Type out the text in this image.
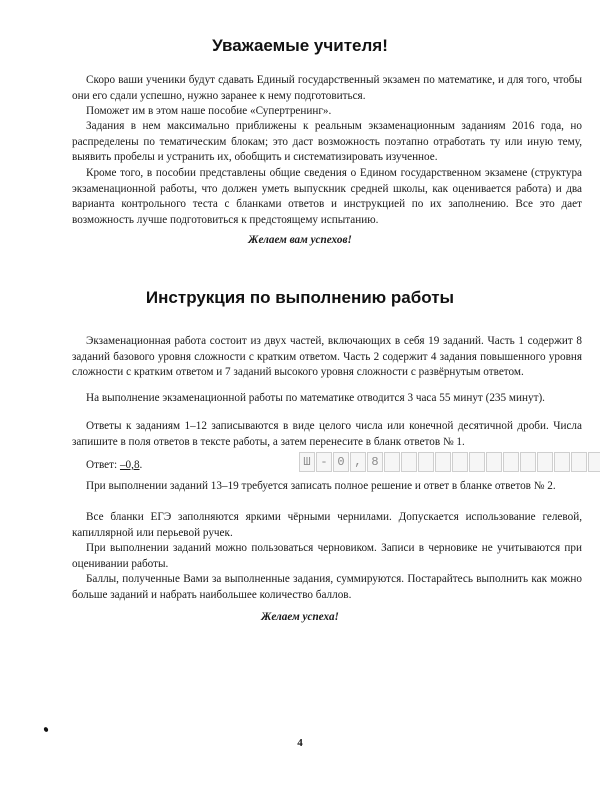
Уважаемые учителя!

Скоро ваши ученики будут сдавать Единый государственный экзамен по математике, и для того, чтобы они его сдали успешно, нужно заранее к нему подготовиться.

Поможет им в этом наше пособие «Супертренинг».

Задания в нем максимально приближены к реальным экзаменационным заданиям 2016 года, но распределены по тематическим блокам; это даст возможность поэтапно отработать ту или иную тему, выявить пробелы и устранить их, обобщить и систематизировать изученное.

Кроме того, в пособии представлены общие сведения о Едином государственном экзамене (структура экзаменационной работы, что должен уметь выпускник средней школы, как оценивается работа) и два варианта контрольного теста с бланками ответов и инструкцией по их заполнению. Все это дает возможность лучше подготовиться к предстоящему испытанию.

Желаем вам успехов!

Инструкция по выполнению работы

Экзаменационная работа состоит из двух частей, включающих в себя 19 заданий. Часть 1 содержит 8 заданий базового уровня сложности с кратким ответом. Часть 2 содержит 4 задания повышенного уровня сложности с кратким ответом и 7 заданий высокого уровня сложности с развёрнутым ответом.

На выполнение экзаменационной работы по математике отводится 3 часа 55 минут (235 минут).

Ответы к заданиям 1–12 записываются в виде целого числа или конечной десятичной дроби. Числа запишите в поля ответов в тексте работы, а затем перенесите в бланк ответов № 1.

Ответ: –0,8.	Ш - 0 , 8

При выполнении заданий 13–19 требуется записать полное решение и ответ в бланке ответов № 2.

Все бланки ЕГЭ заполняются яркими чёрными чернилами. Допускается использование гелевой, капиллярной или перьевой ручек.

При выполнении заданий можно пользоваться черновиком. Записи в черновике не учитываются при оценивании работы.

Баллы, полученные Вами за выполненные задания, суммируются. Постарайтесь выполнить как можно больше заданий и набрать наибольшее количество баллов.

Желаем успеха!

4
